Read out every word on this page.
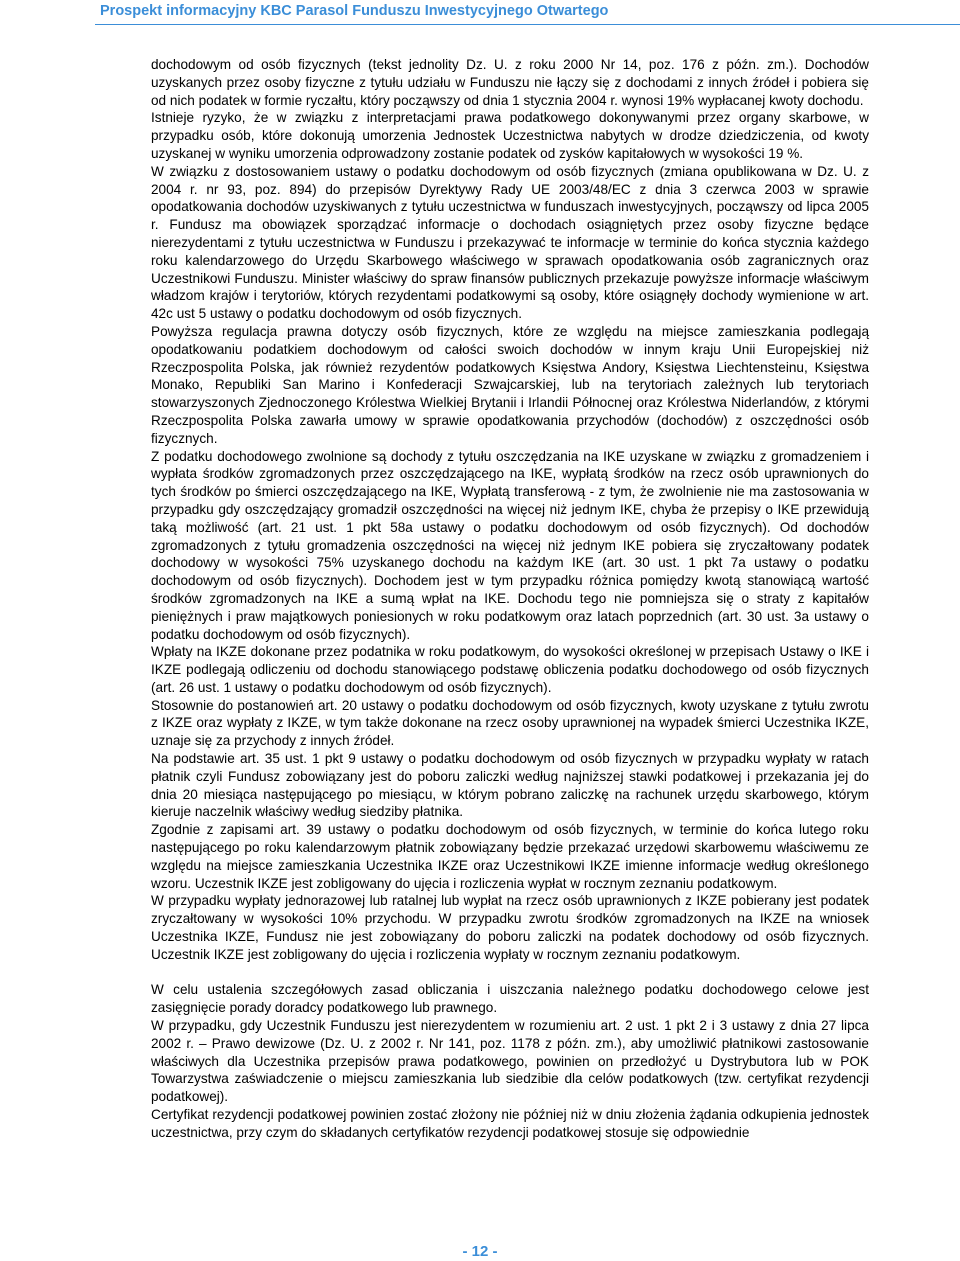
Prospekt informacyjny KBC Parasol Funduszu Inwestycyjnego Otwartego

dochodowym od osób fizycznych (tekst jednolity Dz. U. z roku 2000 Nr 14, poz. 176 z późn. zm.). Dochodów uzyskanych przez osoby fizyczne z tytułu udziału w Funduszu nie łączy się z dochodami z innych źródeł i pobiera się od nich podatek w formie ryczałtu, który począwszy od dnia 1 stycznia 2004 r. wynosi 19% wypłacanej kwoty dochodu.

Istnieje ryzyko, że w związku z interpretacjami prawa podatkowego dokonywanymi przez organy skarbowe, w przypadku osób, które dokonują umorzenia Jednostek Uczestnictwa nabytych w drodze dziedziczenia, od kwoty uzyskanej w wyniku umorzenia odprowadzony zostanie podatek od zysków kapitałowych w wysokości 19 %.

W związku z dostosowaniem ustawy o podatku dochodowym od osób fizycznych (zmiana opublikowana w Dz. U. z 2004 r. nr 93, poz. 894) do przepisów Dyrektywy Rady UE 2003/48/EC z dnia 3 czerwca 2003 w sprawie opodatkowania dochodów uzyskiwanych z tytułu uczestnictwa w funduszach inwestycyjnych, począwszy od lipca 2005 r. Fundusz ma obowiązek sporządzać informacje o dochodach osiągniętych przez osoby fizyczne będące nierezydentami z tytułu uczestnictwa w Funduszu i przekazywać te informacje w terminie do końca stycznia każdego roku kalendarzowego do Urzędu Skarbowego właściwego w sprawach opodatkowania osób zagranicznych oraz Uczestnikowi Funduszu. Minister właściwy do spraw finansów publicznych przekazuje powyższe informacje właściwym władzom krajów i terytoriów, których rezydentami podatkowymi są osoby, które osiągnęły dochody wymienione w art. 42c ust 5 ustawy o podatku dochodowym od osób fizycznych.

Powyższa regulacja prawna dotyczy osób fizycznych, które ze względu na miejsce zamieszkania podlegają opodatkowaniu podatkiem dochodowym od całości swoich dochodów w innym kraju Unii Europejskiej niż Rzeczpospolita Polska, jak również rezydentów podatkowych Księstwa Andory, Księstwa Liechtensteinu, Księstwa Monako, Republiki San Marino i Konfederacji Szwajcarskiej, lub na terytoriach zależnych lub terytoriach stowarzyszonych Zjednoczonego Królestwa Wielkiej Brytanii i Irlandii Północnej oraz Królestwa Niderlandów, z którymi Rzeczpospolita Polska zawarła umowy w sprawie opodatkowania przychodów (dochodów) z oszczędności osób fizycznych.

Z podatku dochodowego zwolnione są dochody z tytułu oszczędzania na IKE uzyskane w związku z gromadzeniem i wypłata środków zgromadzonych przez oszczędzającego na IKE, wypłatą środków na rzecz osób uprawnionych do tych środków po śmierci oszczędzającego na IKE, Wypłatą transferową - z tym, że zwolnienie nie ma zastosowania w przypadku gdy oszczędzający gromadził oszczędności na więcej niż jednym IKE, chyba że przepisy o IKE przewidują taką możliwość (art. 21 ust. 1 pkt 58a ustawy o podatku dochodowym od osób fizycznych). Od dochodów zgromadzonych z tytułu gromadzenia oszczędności na więcej niż jednym IKE pobiera się zryczałtowany podatek dochodowy w wysokości 75% uzyskanego dochodu na każdym IKE (art. 30 ust. 1 pkt 7a ustawy o podatku dochodowym od osób fizycznych). Dochodem jest w tym przypadku różnica pomiędzy kwotą stanowiącą wartość środków zgromadzonych na IKE a sumą wpłat na IKE. Dochodu tego nie pomniejsza się o straty z kapitałów pieniężnych i praw majątkowych poniesionych w roku podatkowym oraz latach poprzednich (art. 30 ust. 3a ustawy o podatku dochodowym od osób fizycznych).

Wpłaty na IKZE dokonane przez podatnika w roku podatkowym, do wysokości określonej w przepisach Ustawy o IKE i IKZE podlegają odliczeniu od dochodu stanowiącego podstawę obliczenia podatku dochodowego od osób fizycznych (art. 26 ust. 1 ustawy o podatku dochodowym od osób fizycznych).

Stosownie do postanowień art. 20 ustawy o podatku dochodowym od osób fizycznych, kwoty uzyskane z tytułu zwrotu z IKZE oraz wypłaty z IKZE, w tym także dokonane na rzecz osoby uprawnionej na wypadek śmierci Uczestnika IKZE, uznaje się za przychody z innych źródeł.

Na podstawie art. 35 ust. 1 pkt 9 ustawy o podatku dochodowym od osób fizycznych w przypadku wypłaty w ratach płatnik czyli Fundusz zobowiązany jest do poboru zaliczki według najniższej stawki podatkowej i przekazania jej do dnia 20 miesiąca następującego po miesiącu, w którym pobrano zaliczkę na rachunek urzędu skarbowego, którym kieruje naczelnik właściwy według siedziby płatnika.

Zgodnie z zapisami art. 39 ustawy o podatku dochodowym od osób fizycznych, w terminie do końca lutego roku następującego po roku kalendarzowym płatnik zobowiązany będzie przekazać urzędowi skarbowemu właściwemu ze względu na miejsce zamieszkania Uczestnika IKZE oraz Uczestnikowi IKZE imienne informacje według określonego wzoru. Uczestnik IKZE jest zobligowany do ujęcia i rozliczenia wypłat w rocznym zeznaniu podatkowym.

W przypadku wypłaty jednorazowej lub ratalnej lub wypłat na rzecz osób uprawnionych z IKZE pobierany jest podatek zryczałtowany w wysokości 10% przychodu. W przypadku zwrotu środków zgromadzonych na IKZE na wniosek Uczestnika IKZE, Fundusz nie jest zobowiązany do poboru zaliczki na podatek dochodowy od osób fizycznych. Uczestnik IKZE jest zobligowany do ujęcia i rozliczenia wypłaty w rocznym zeznaniu podatkowym.

W celu ustalenia szczegółowych zasad obliczania i uiszczania należnego podatku dochodowego celowe jest zasięgnięcie porady doradcy podatkowego lub prawnego.

W przypadku, gdy Uczestnik Funduszu jest nierezydentem w rozumieniu art. 2 ust. 1 pkt 2 i 3 ustawy z dnia 27 lipca 2002 r. – Prawo dewizowe (Dz. U. z 2002 r. Nr 141, poz. 1178 z późn. zm.), aby umożliwić płatnikowi zastosowanie właściwych dla Uczestnika przepisów prawa podatkowego, powinien on przedłożyć u Dystrybutora lub w POK Towarzystwa zaświadczenie o miejscu zamieszkania lub siedzibie dla celów podatkowych (tzw. certyfikat rezydencji podatkowej).

Certyfikat rezydencji podatkowej powinien zostać złożony nie później niż w dniu złożenia żądania odkupienia jednostek uczestnictwa, przy czym do składanych certyfikatów rezydencji podatkowej stosuje się odpowiednie

- 12 -
